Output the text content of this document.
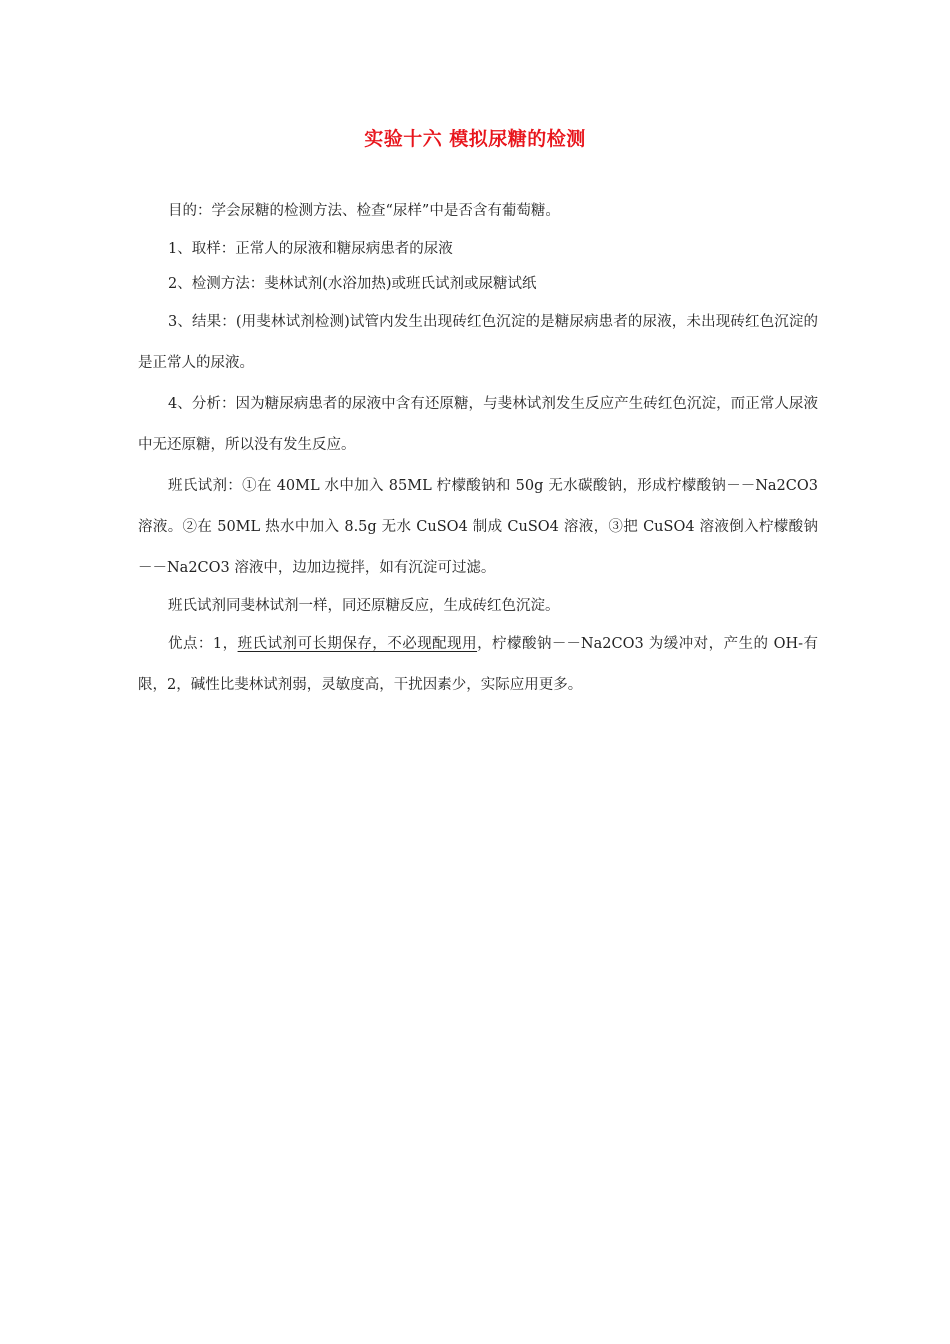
实验十六 模拟尿糖的检测

目的：学会尿糖的检测方法、检查“尿样”中是否含有葡萄糖。

1、取样：正常人的尿液和糖尿病患者的尿液

2、检测方法：斐林试剂(水浴加热)或班氏试剂或尿糖试纸

3、结果：(用斐林试剂检测)试管内发生出现砖红色沉淀的是糖尿病患者的尿液，未出现砖红色沉淀的是正常人的尿液。

4、分析：因为糖尿病患者的尿液中含有还原糖，与斐林试剂发生反应产生砖红色沉淀，而正常人尿液中无还原糖，所以没有发生反应。

班氏试剂：①在 40ML 水中加入 85ML 柠檬酸钠和 50g 无水碳酸钠，形成柠檬酸钠－－Na2CO3 溶液。②在 50ML 热水中加入 8.5g 无水 CuSO4 制成 CuSO4 溶液，③把 CuSO4 溶液倒入柠檬酸钠－－Na2CO3 溶液中，边加边搅拌，如有沉淀可过滤。

班氏试剂同斐林试剂一样，同还原糖反应，生成砖红色沉淀。

优点：1，班氏试剂可长期保存，不必现配现用，柠檬酸钠－－Na2CO3 为缓冲对，产生的 OH-有限，2，碱性比斐林试剂弱，灵敏度高，干扰因素少，实际应用更多。
